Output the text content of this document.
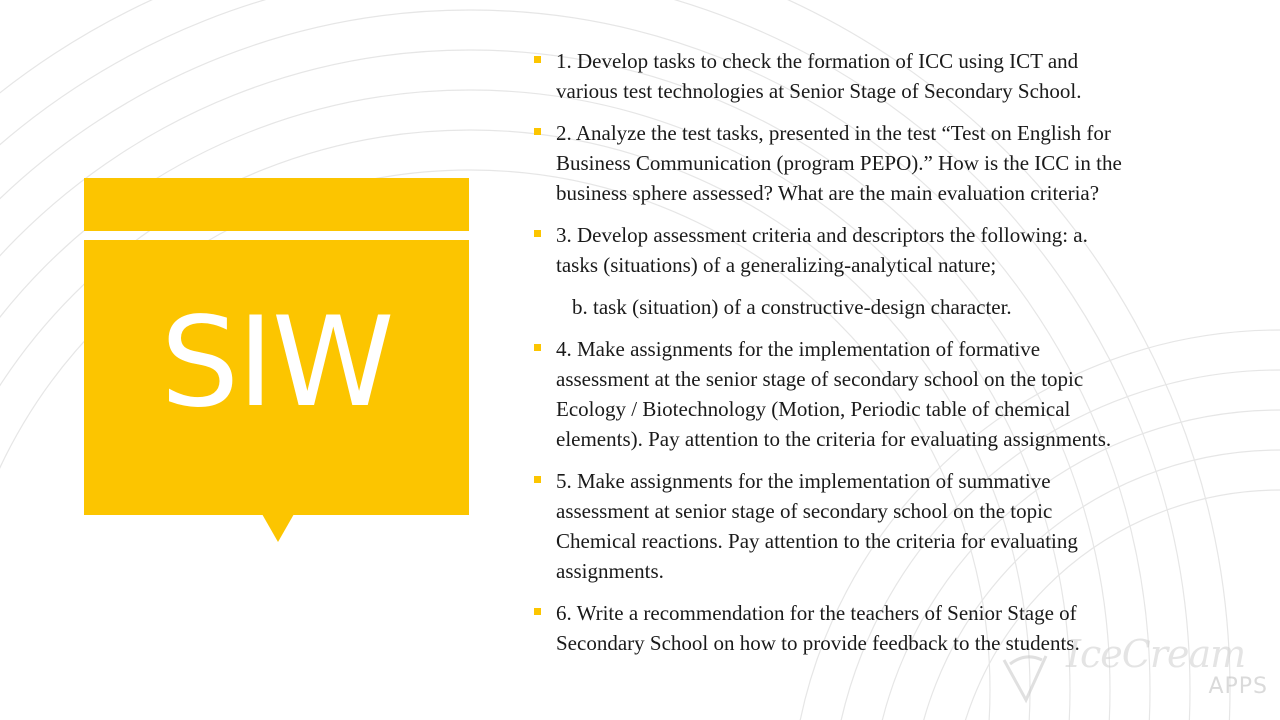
SIW
1. Develop tasks to check the formation of ICC using ICT and
various test technologies at Senior Stage of Secondary School.
2. Analyze the test tasks, presented in the test “Test on English for
Business Communication (program PEPO).” How is the ICC in the
business sphere assessed? What are the main evaluation criteria?
3. Develop assessment criteria and descriptors the following: a.
tasks (situations) of a generalizing-analytical nature;
b. task (situation) of a constructive-design character.
4. Make assignments for the implementation of formative
assessment at the senior stage of secondary school on the topic
Ecology / Biotechnology (Motion, Periodic table of chemical
elements). Pay attention to the criteria for evaluating assignments.
5. Make assignments for the implementation of summative
assessment at senior stage of secondary school on the topic
Chemical reactions. Pay attention to the criteria for evaluating
assignments.
6. Write a recommendation for the teachers of Senior Stage of
Secondary School on how to provide feedback to the students.
IceCream
APPS
